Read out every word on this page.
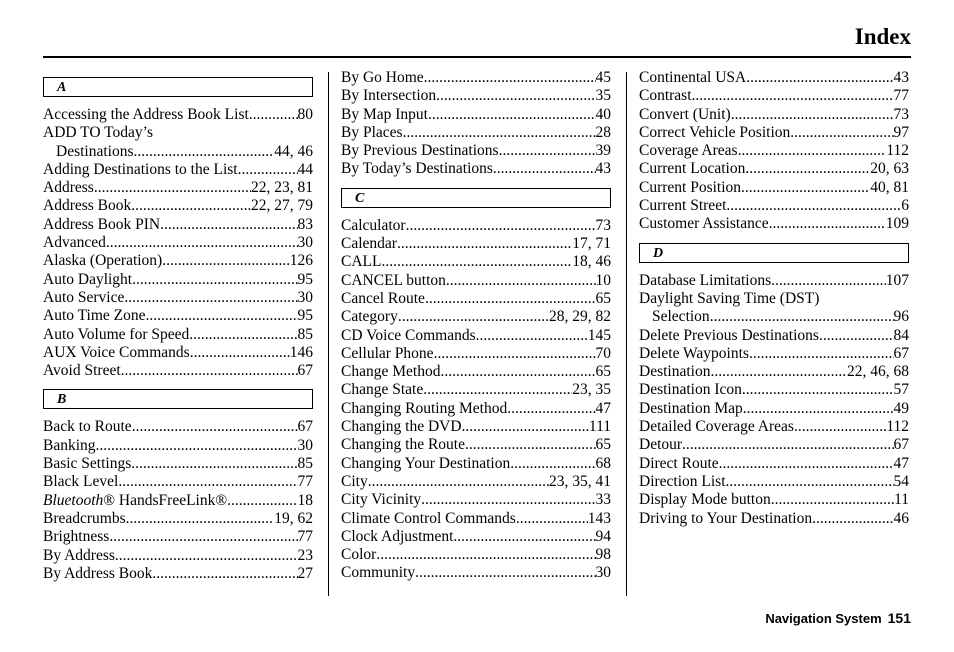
Index
A
Accessing the Address Book List .....	80
ADD TO Today’s
Destinations .....	44, 46
Adding Destinations to the List .....	44
Address .....	22, 23, 81
Address Book .....	22, 27, 79
Address Book PIN .....	83
Advanced .....	30
Alaska (Operation) .....	126
Auto Daylight .....	95
Auto Service .....	30
Auto Time Zone .....	95
Auto Volume for Speed .....	85
AUX Voice Commands .....	146
Avoid Street .....	67
B
Back to Route .....	67
Banking .....	30
Basic Settings .....	85
Black Level .....	77
Bluetooth® HandsFreeLink® .....	18
Breadcrumbs .....	19, 62
Brightness .....	77
By Address .....	23
By Address Book .....	27
By Go Home .....	45
By Intersection .....	35
By Map Input .....	40
By Places .....	28
By Previous Destinations .....	39
By Today’s Destinations .....	43
C
Calculator .....	73
Calendar .....	17, 71
CALL .....	18, 46
CANCEL button .....	10
Cancel Route .....	65
Category .....	28, 29, 82
CD Voice Commands .....	145
Cellular Phone .....	70
Change Method .....	65
Change State .....	23, 35
Changing Routing Method .....	47
Changing the DVD .....	111
Changing the Route .....	65
Changing Your Destination .....	68
City .....	23, 35, 41
City Vicinity .....	33
Climate Control Commands .....	143
Clock Adjustment .....	94
Color .....	98
Community .....	30
Continental USA .....	43
Contrast .....	77
Convert (Unit) .....	73
Correct Vehicle Position .....	97
Coverage Areas .....	112
Current Location .....	20, 63
Current Position .....	40, 81
Current Street .....	6
Customer Assistance .....	109
D
Database Limitations .....	107
Daylight Saving Time (DST)
Selection .....	96
Delete Previous Destinations .....	84
Delete Waypoints .....	67
Destination .....	22, 46, 68
Destination Icon .....	57
Destination Map .....	49
Detailed Coverage Areas .....	112
Detour .....	67
Direct Route .....	47
Direction List .....	54
Display Mode button .....	11
Driving to Your Destination .....	46
Navigation System 151
